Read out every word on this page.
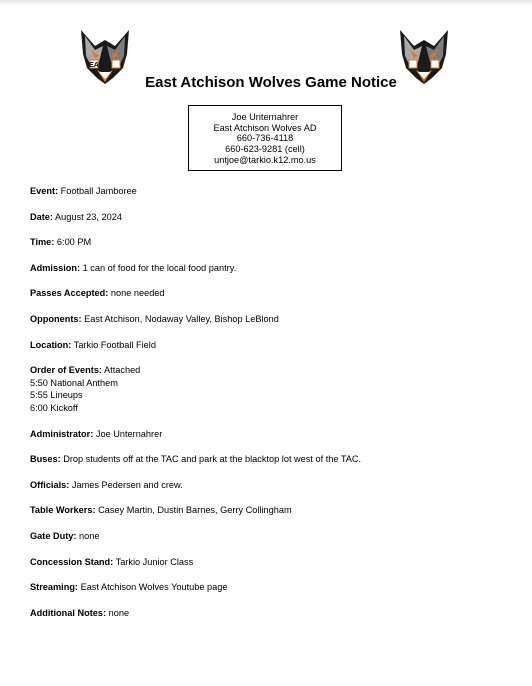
EA
East Atchison Wolves Game Notice
Joe Unternahrer
East Atchison Wolves AD
660-736-4118
660-623-9281 (cell)
untjoe@tarkio.k12.mo.us
Event: Football Jamboree
Date: August 23, 2024
Time: 6:00 PM
Admission: 1 can of food for the local food pantry.
Passes Accepted: none needed
Opponents: East Atchison, Nodaway Valley, Bishop LeBlond
Location: Tarkio Football Field
Order of Events: Attached
5:50 National Anthem
5:55 Lineups
6:00 Kickoff
Administrator: Joe Unternahrer
Buses: Drop students off at the TAC and park at the blacktop lot west of the TAC.
Officials: James Pedersen and crew.
Table Workers: Casey Martin, Dustin Barnes, Gerry Collingham
Gate Duty: none
Concession Stand: Tarkio Junior Class
Streaming: East Atchison Wolves Youtube page
Additional Notes: none
